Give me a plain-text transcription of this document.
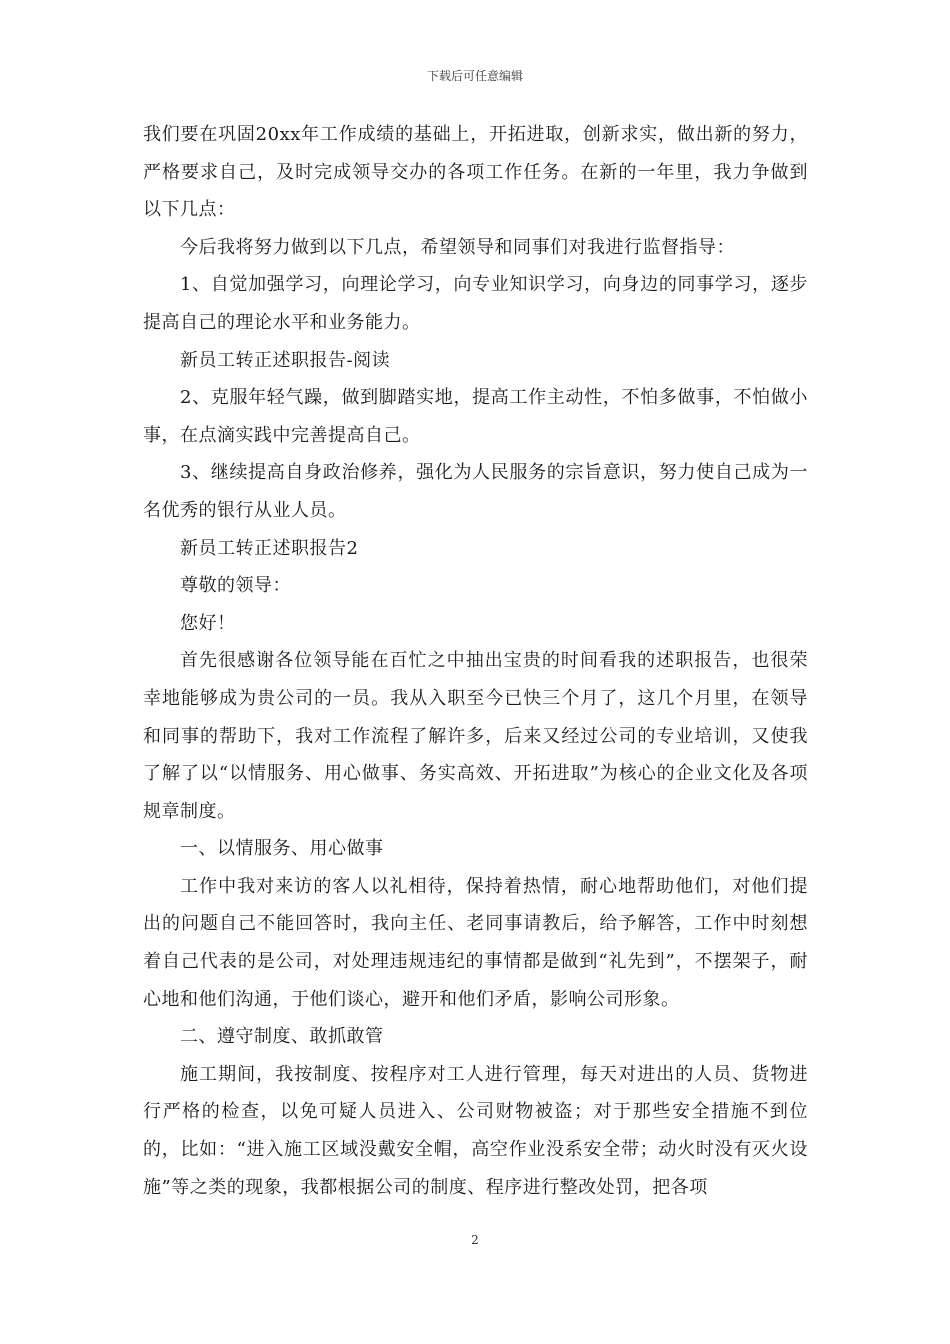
下载后可任意编辑

我们要在巩固20xx年工作成绩的基础上，开拓进取，创新求实，做出新的努力，严格要求自己，及时完成领导交办的各项工作任务。在新的一年里，我力争做到以下几点：

今后我将努力做到以下几点，希望领导和同事们对我进行监督指导：

1、自觉加强学习，向理论学习，向专业知识学习，向身边的同事学习，逐步提高自己的理论水平和业务能力。

新员工转正述职报告-阅读

2、克服年轻气躁，做到脚踏实地，提高工作主动性，不怕多做事，不怕做小事，在点滴实践中完善提高自己。

3、继续提高自身政治修养，强化为人民服务的宗旨意识，努力使自己成为一名优秀的银行从业人员。

新员工转正述职报告2

尊敬的领导：

您好！

首先很感谢各位领导能在百忙之中抽出宝贵的时间看我的述职报告，也很荣幸地能够成为贵公司的一员。我从入职至今已快三个月了，这几个月里，在领导和同事的帮助下，我对工作流程了解许多，后来又经过公司的专业培训，又使我了解了以“以情服务、用心做事、务实高效、开拓进取”为核心的企业文化及各项规章制度。

一、以情服务、用心做事

工作中我对来访的客人以礼相待，保持着热情，耐心地帮助他们，对他们提出的问题自己不能回答时，我向主任、老同事请教后，给予解答，工作中时刻想着自己代表的是公司，对处理违规违纪的事情都是做到“礼先到”，不摆架子，耐心地和他们沟通，于他们谈心，避开和他们矛盾，影响公司形象。

二、遵守制度、敢抓敢管

施工期间，我按制度、按程序对工人进行管理，每天对进出的人员、货物进行严格的检查，以免可疑人员进入、公司财物被盗；对于那些安全措施不到位的，比如：“进入施工区域没戴安全帽，高空作业没系安全带；动火时没有灭火设施”等之类的现象，我都根据公司的制度、程序进行整改处罚，把各项

2
